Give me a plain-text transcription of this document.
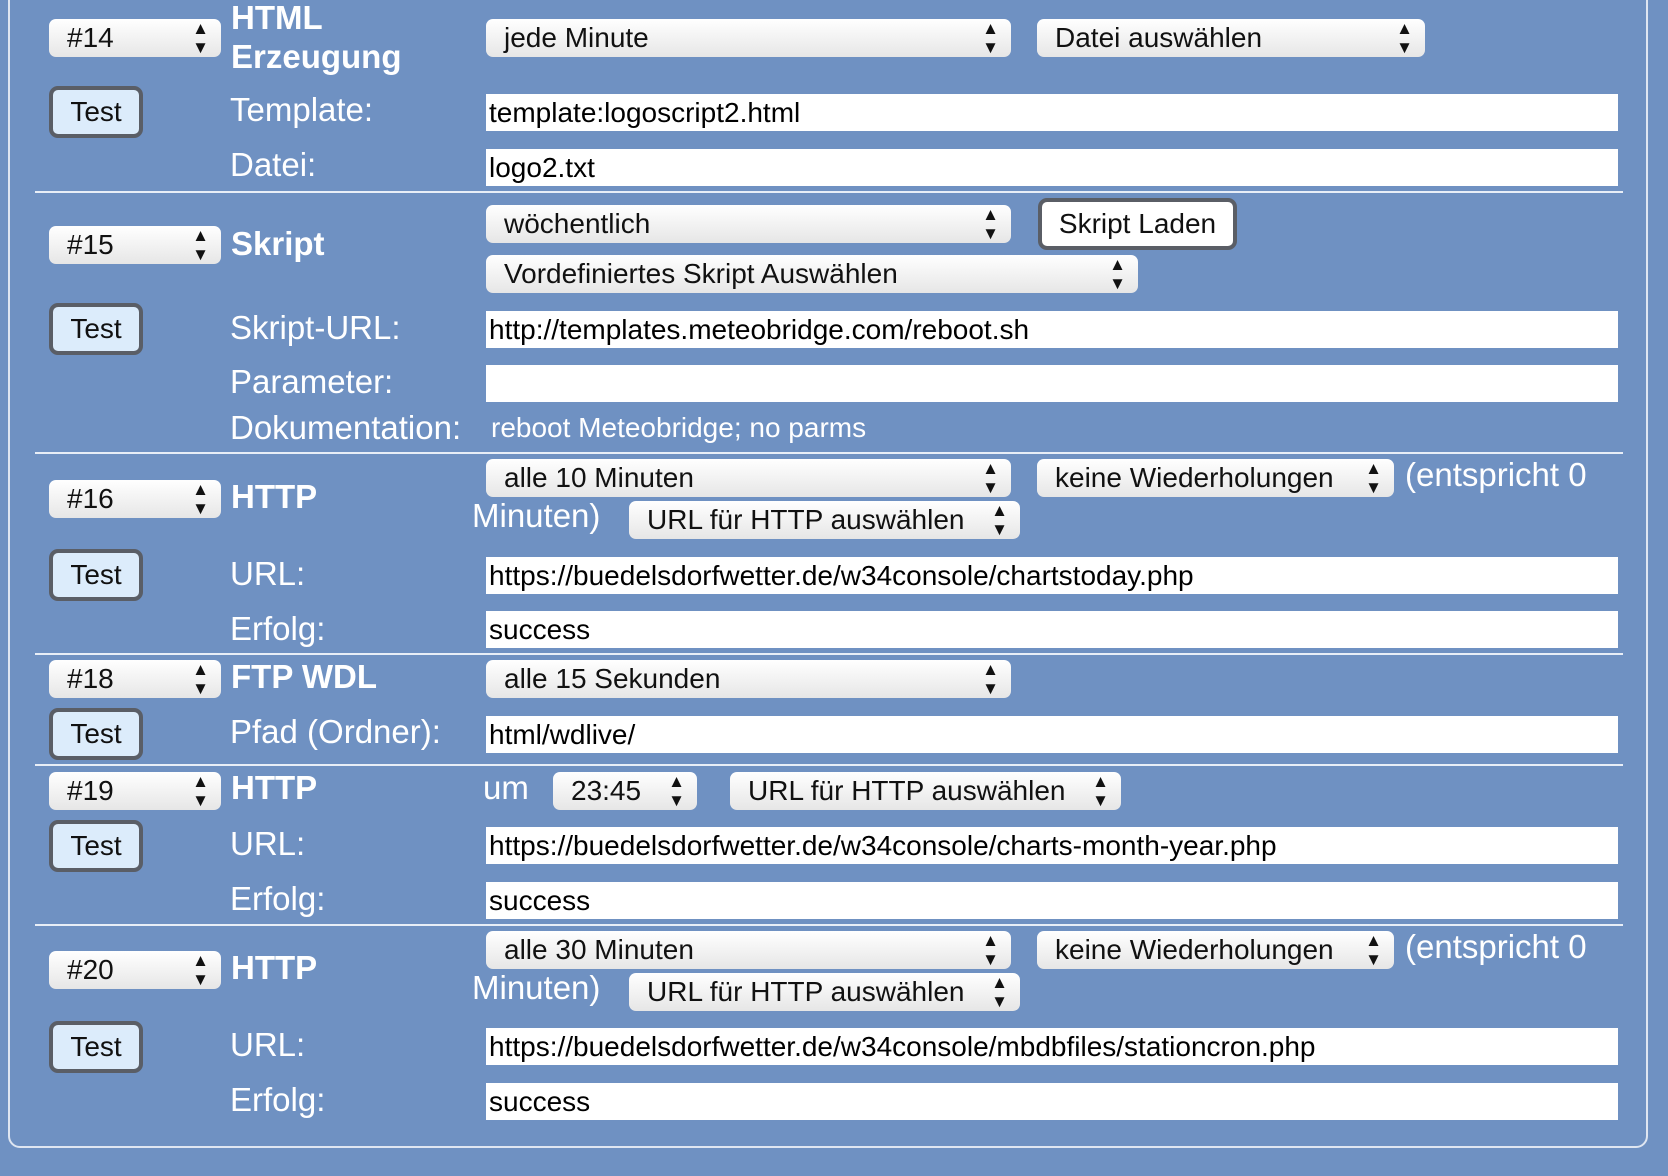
#14	▲
▼
HTML
Erzeugung
jede Minute	▲
▼	Datei auswählen	▲
▼
Test	Template:	template:logoscript2.html
Datei:	logo2.txt
#15	▲
▼ Skript
wöchentlich	▲
▼	Skript Laden
Vordefiniertes Skript Auswählen	▲
▼
Test	Skript-URL:	http://templates.meteobridge.com/reboot.sh
Parameter:
Dokumentation: reboot Meteobridge; no parms
#16	▲
▼ HTTP
alle 10 Minuten	▲
▼	keine Wiederholungen ▲
▼ (entspricht 0
Minuten)	URL für HTTP auswählen ▲
▼
Test	URL:	https://buedelsdorfwetter.de/w34console/chartstoday.php
Erfolg:	success
#18	▲
▼ FTP WDL	alle 15 Sekunden	▲
▼
Test	Pfad (Ordner): html/wdlive/
#19	▲
▼ HTTP	um	23:45 ▲
▼	URL für HTTP auswählen ▲
▼
Test	URL:	https://buedelsdorfwetter.de/w34console/charts-month-year.php
Erfolg:	success
#20	▲
▼ HTTP	alle 30 Minuten	▲
▼	keine Wiederholungen ▲
▼ (entspricht 0
Minuten)	URL für HTTP auswählen ▲
▼
Test	URL:	https://buedelsdorfwetter.de/w34console/mbdbfiles/stationcron.php
Erfolg:	success
